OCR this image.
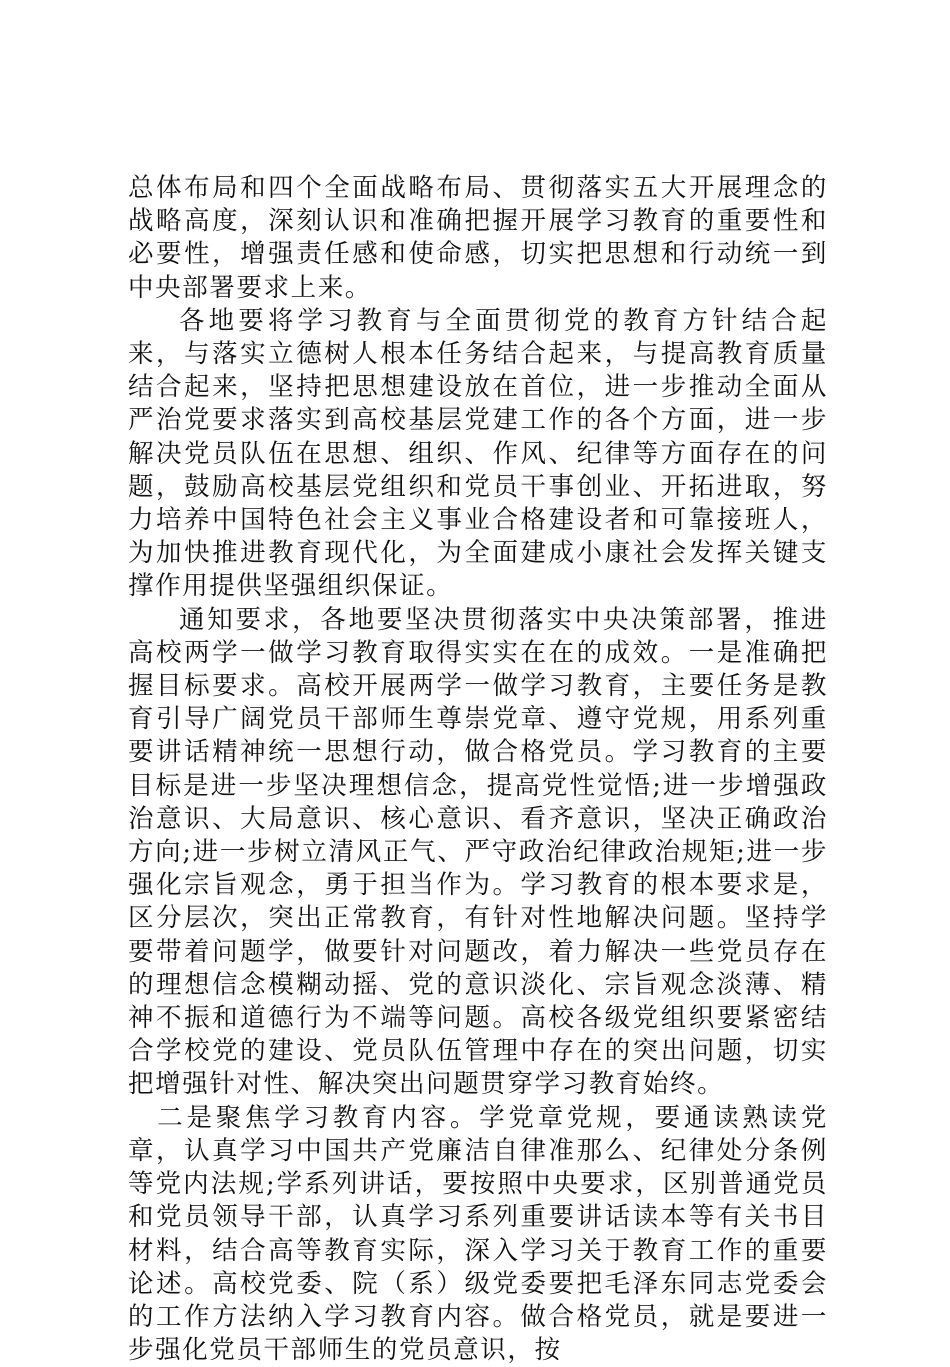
总体布局和四个全面战略布局、贯彻落实五大开展理念的战略高度，深刻认识和准确把握开展学习教育的重要性和必要性，增强责任感和使命感，切实把思想和行动统一到中央部署要求上来。

各地要将学习教育与全面贯彻党的教育方针结合起来，与落实立德树人根本任务结合起来，与提高教育质量结合起来，坚持把思想建设放在首位，进一步推动全面从严治党要求落实到高校基层党建工作的各个方面，进一步解决党员队伍在思想、组织、作风、纪律等方面存在的问题，鼓励高校基层党组织和党员干事创业、开拓进取，努力培养中国特色社会主义事业合格建设者和可靠接班人，为加快推进教育现代化，为全面建成小康社会发挥关键支撑作用提供坚强组织保证。

通知要求，各地要坚决贯彻落实中央决策部署，推进高校两学一做学习教育取得实实在在的成效。一是准确把握目标要求。高校开展两学一做学习教育，主要任务是教育引导广阔党员干部师生尊崇党章、遵守党规，用系列重要讲话精神统一思想行动，做合格党员。学习教育的主要目标是进一步坚决理想信念，提高党性觉悟;进一步增强政治意识、大局意识、核心意识、看齐意识，坚决正确政治方向;进一步树立清风正气、严守政治纪律政治规矩;进一步强化宗旨观念，勇于担当作为。学习教育的根本要求是，区分层次，突出正常教育，有针对性地解决问题。坚持学要带着问题学，做要针对问题改，着力解决一些党员存在的理想信念模糊动摇、党的意识淡化、宗旨观念淡薄、精神不振和道德行为不端等问题。高校各级党组织要紧密结合学校党的建设、党员队伍管理中存在的突出问题，切实把增强针对性、解决突出问题贯穿学习教育始终。

　二是聚焦学习教育内容。学党章党规，要通读熟读党章，认真学习中国共产党廉洁自律准那么、纪律处分条例等党内法规;学系列讲话，要按照中央要求，区别普通党员和党员领导干部，认真学习系列重要讲话读本等有关书目材料，结合高等教育实际，深入学习关于教育工作的重要论述。高校党委、院（系）级党委要把毛泽东同志党委会的工作方法纳入学习教育内容。做合格党员，就是要进一步强化党员干部师生的党员意识，按
